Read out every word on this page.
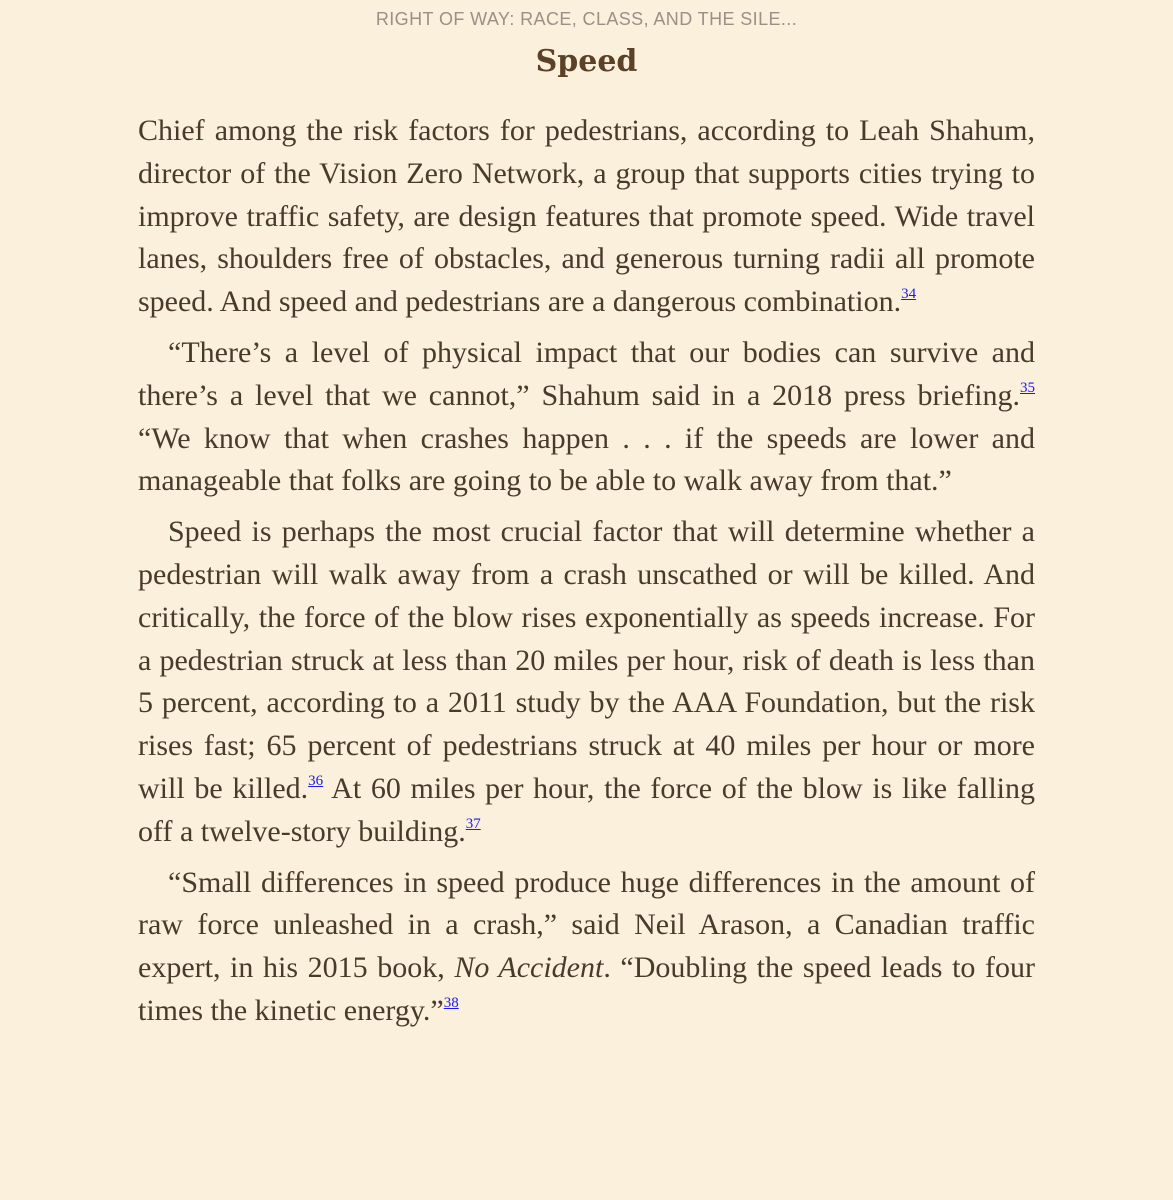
RIGHT OF WAY: RACE, CLASS, AND THE SILE...
Speed

Chief among the risk factors for pedestrians, according to Leah Shahum, director of the Vision Zero Network, a group that supports cities trying to improve traffic safety, are design features that promote speed. Wide travel lanes, shoulders free of obstacles, and generous turning radii all promote speed. And speed and pedestrians are a dangerous combination.$^{34}$

“There’s a level of physical impact that our bodies can survive and there’s a level that we cannot,” Shahum said in a 2018 press briefing.$^{35}$ “We know that when crashes happen . . . if the speeds are lower and manageable that folks are going to be able to walk away from that.”

Speed is perhaps the most crucial factor that will determine whether a pedestrian will walk away from a crash unscathed or will be killed. And critically, the force of the blow rises exponentially as speeds increase. For a pedestrian struck at less than 20 miles per hour, risk of death is less than 5 percent, according to a 2011 study by the AAA Foundation, but the risk rises fast; 65 percent of pedestrians struck at 40 miles per hour or more will be killed.$^{36}$ At 60 miles per hour, the force of the blow is like falling off a twelve-story building.$^{37}$

“Small differences in speed produce huge differences in the amount of raw force unleashed in a crash,” said Neil Arason, a Canadian traffic expert, in his 2015 book, No Accident. “Doubling the speed leads to four times the kinetic energy.”$^{38}$
